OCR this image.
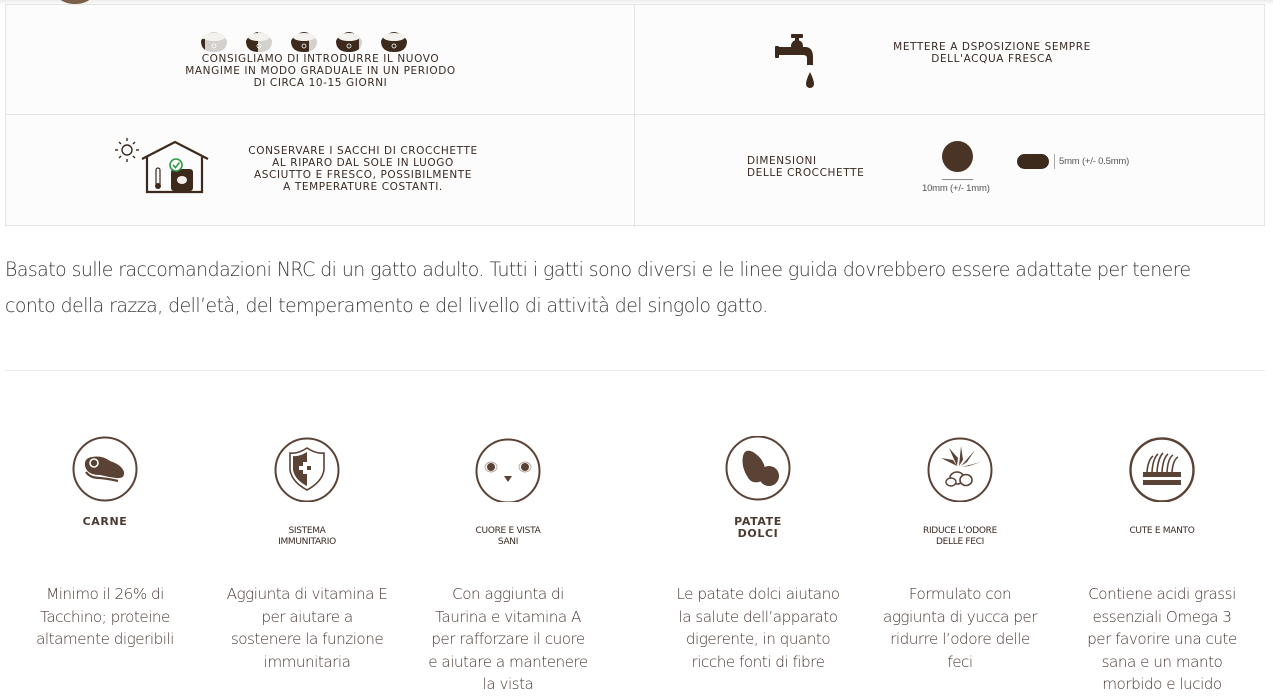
CONSIGLIAMO DI INTRODURRE IL NUOVO
MANGIME IN MODO GRADUALE IN UN PERIODO
DI CIRCA 10-15 GIORNI
METTERE A DSPOSIZIONE SEMPRE
DELL'ACQUA FRESCA
CONSERVARE I SACCHI DI CROCCHETTE
AL RIPARO DAL SOLE IN LUOGO
ASCIUTTO E FRESCO, POSSIBILMENTE
A TEMPERATURE COSTANTI.
DIMENSIONI
DELLE CROCCHETTE
10mm (+/- 1mm)
5mm (+/- 0.5mm)
Basato sulle raccomandazioni NRC di un gatto adulto. Tutti i gatti sono diversi e le linee guida dovrebbero essere adattate per tenere
conto della razza, dell’età, del temperamento e del livello di attività del singolo gatto.
CARNE
Minimo il 26% di
Tacchino; proteine
altamente digeribili
SISTEMA
IMMUNITARIO
Aggiunta di vitamina E
per aiutare a
sostenere la funzione
immunitaria
CUORE E VISTA
SANI
Con aggiunta di
Taurina e vitamina A
per rafforzare il cuore
e aiutare a mantenere
la vista
PATATE
DOLCI
Le patate dolci aiutano
la salute dell’apparato
digerente, in quanto
ricche fonti di fibre
RIDUCE L’ODORE
DELLE FECI
Formulato con
aggiunta di yucca per
ridurre l’odore delle
feci
CUTE E MANTO
Contiene acidi grassi
essenziali Omega 3
per favorire una cute
sana e un manto
morbido e lucido
